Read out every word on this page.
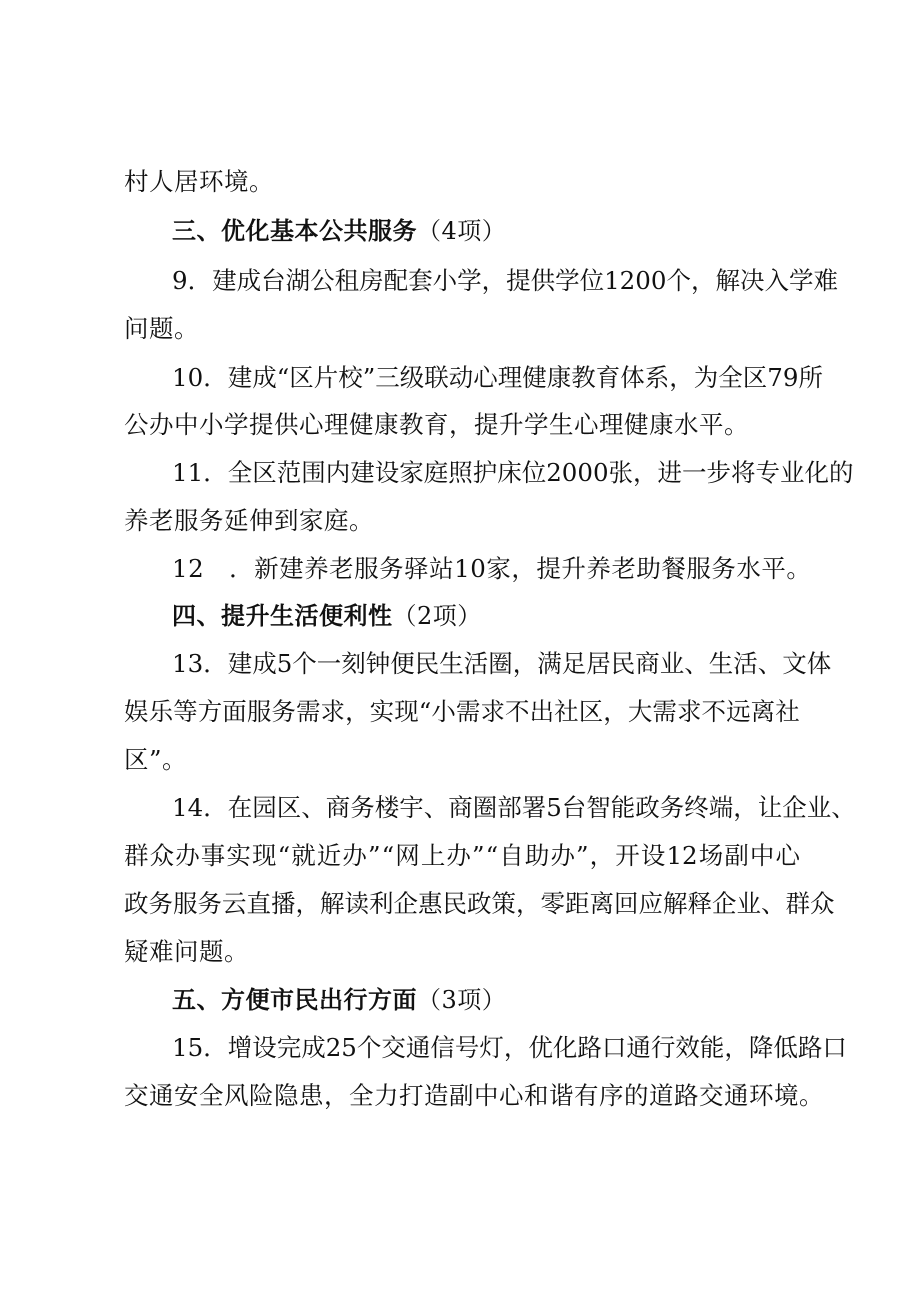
村人居环境。
三、优化基本公共服务（4项）
9 ． 建 成 台 湖 公 租 房 配 套 小 学 ， 提 供 学 位 1200 个 ， 解 决 入 学 难
问题。
10 ． 建 成 “ 区 片 校 ” 三 级 联 动 心 理 健 康 教 育 体 系 ， 为 全 区 79 所
公办中小学提供心理健康教育，提升学生心理健康水平。
11 ． 全 区 范 围 内 建 设 家 庭 照 护 床 位 2000 张 ， 进 一 步 将 专 业 化 的
养老服务延伸到家庭。
12　．新建养老服务驿站10家，提升养老助餐服务水平。
四、提升生活便利性（2项）
13 ． 建 成 5 个 一 刻 钟 便 民 生 活 圈 ， 满 足 居 民 商 业 、 生 活 、 文 体
娱 乐 等 方 面 服 务 需 求 ， 实 现 “ 小 需 求 不 出 社 区 ， 大 需 求 不 远 离 社
区”。
14 ． 在 园 区 、 商 务 楼 宇 、 商 圈 部 署 5 台 智 能 政 务 终 端 ， 让 企 业 、
群 众 办 事 实 现 “ 就 近 办 ” “ 网 上 办 ” “ 自 助 办 ” ， 开 设 12 场 副 中 心
政 务 服 务 云 直 播 ， 解 读 利 企 惠 民 政 策 ， 零 距 离 回 应 解 释 企 业 、 群 众
疑难问题。
五、方便市民出行方面（3项）
15 ． 增 设 完 成 25 个 交 通 信 号 灯 ， 优 化 路 口 通 行 效 能 ， 降 低 路 口
交通安全风险隐患，全力打造副中心和谐有序的道路交通环境。
